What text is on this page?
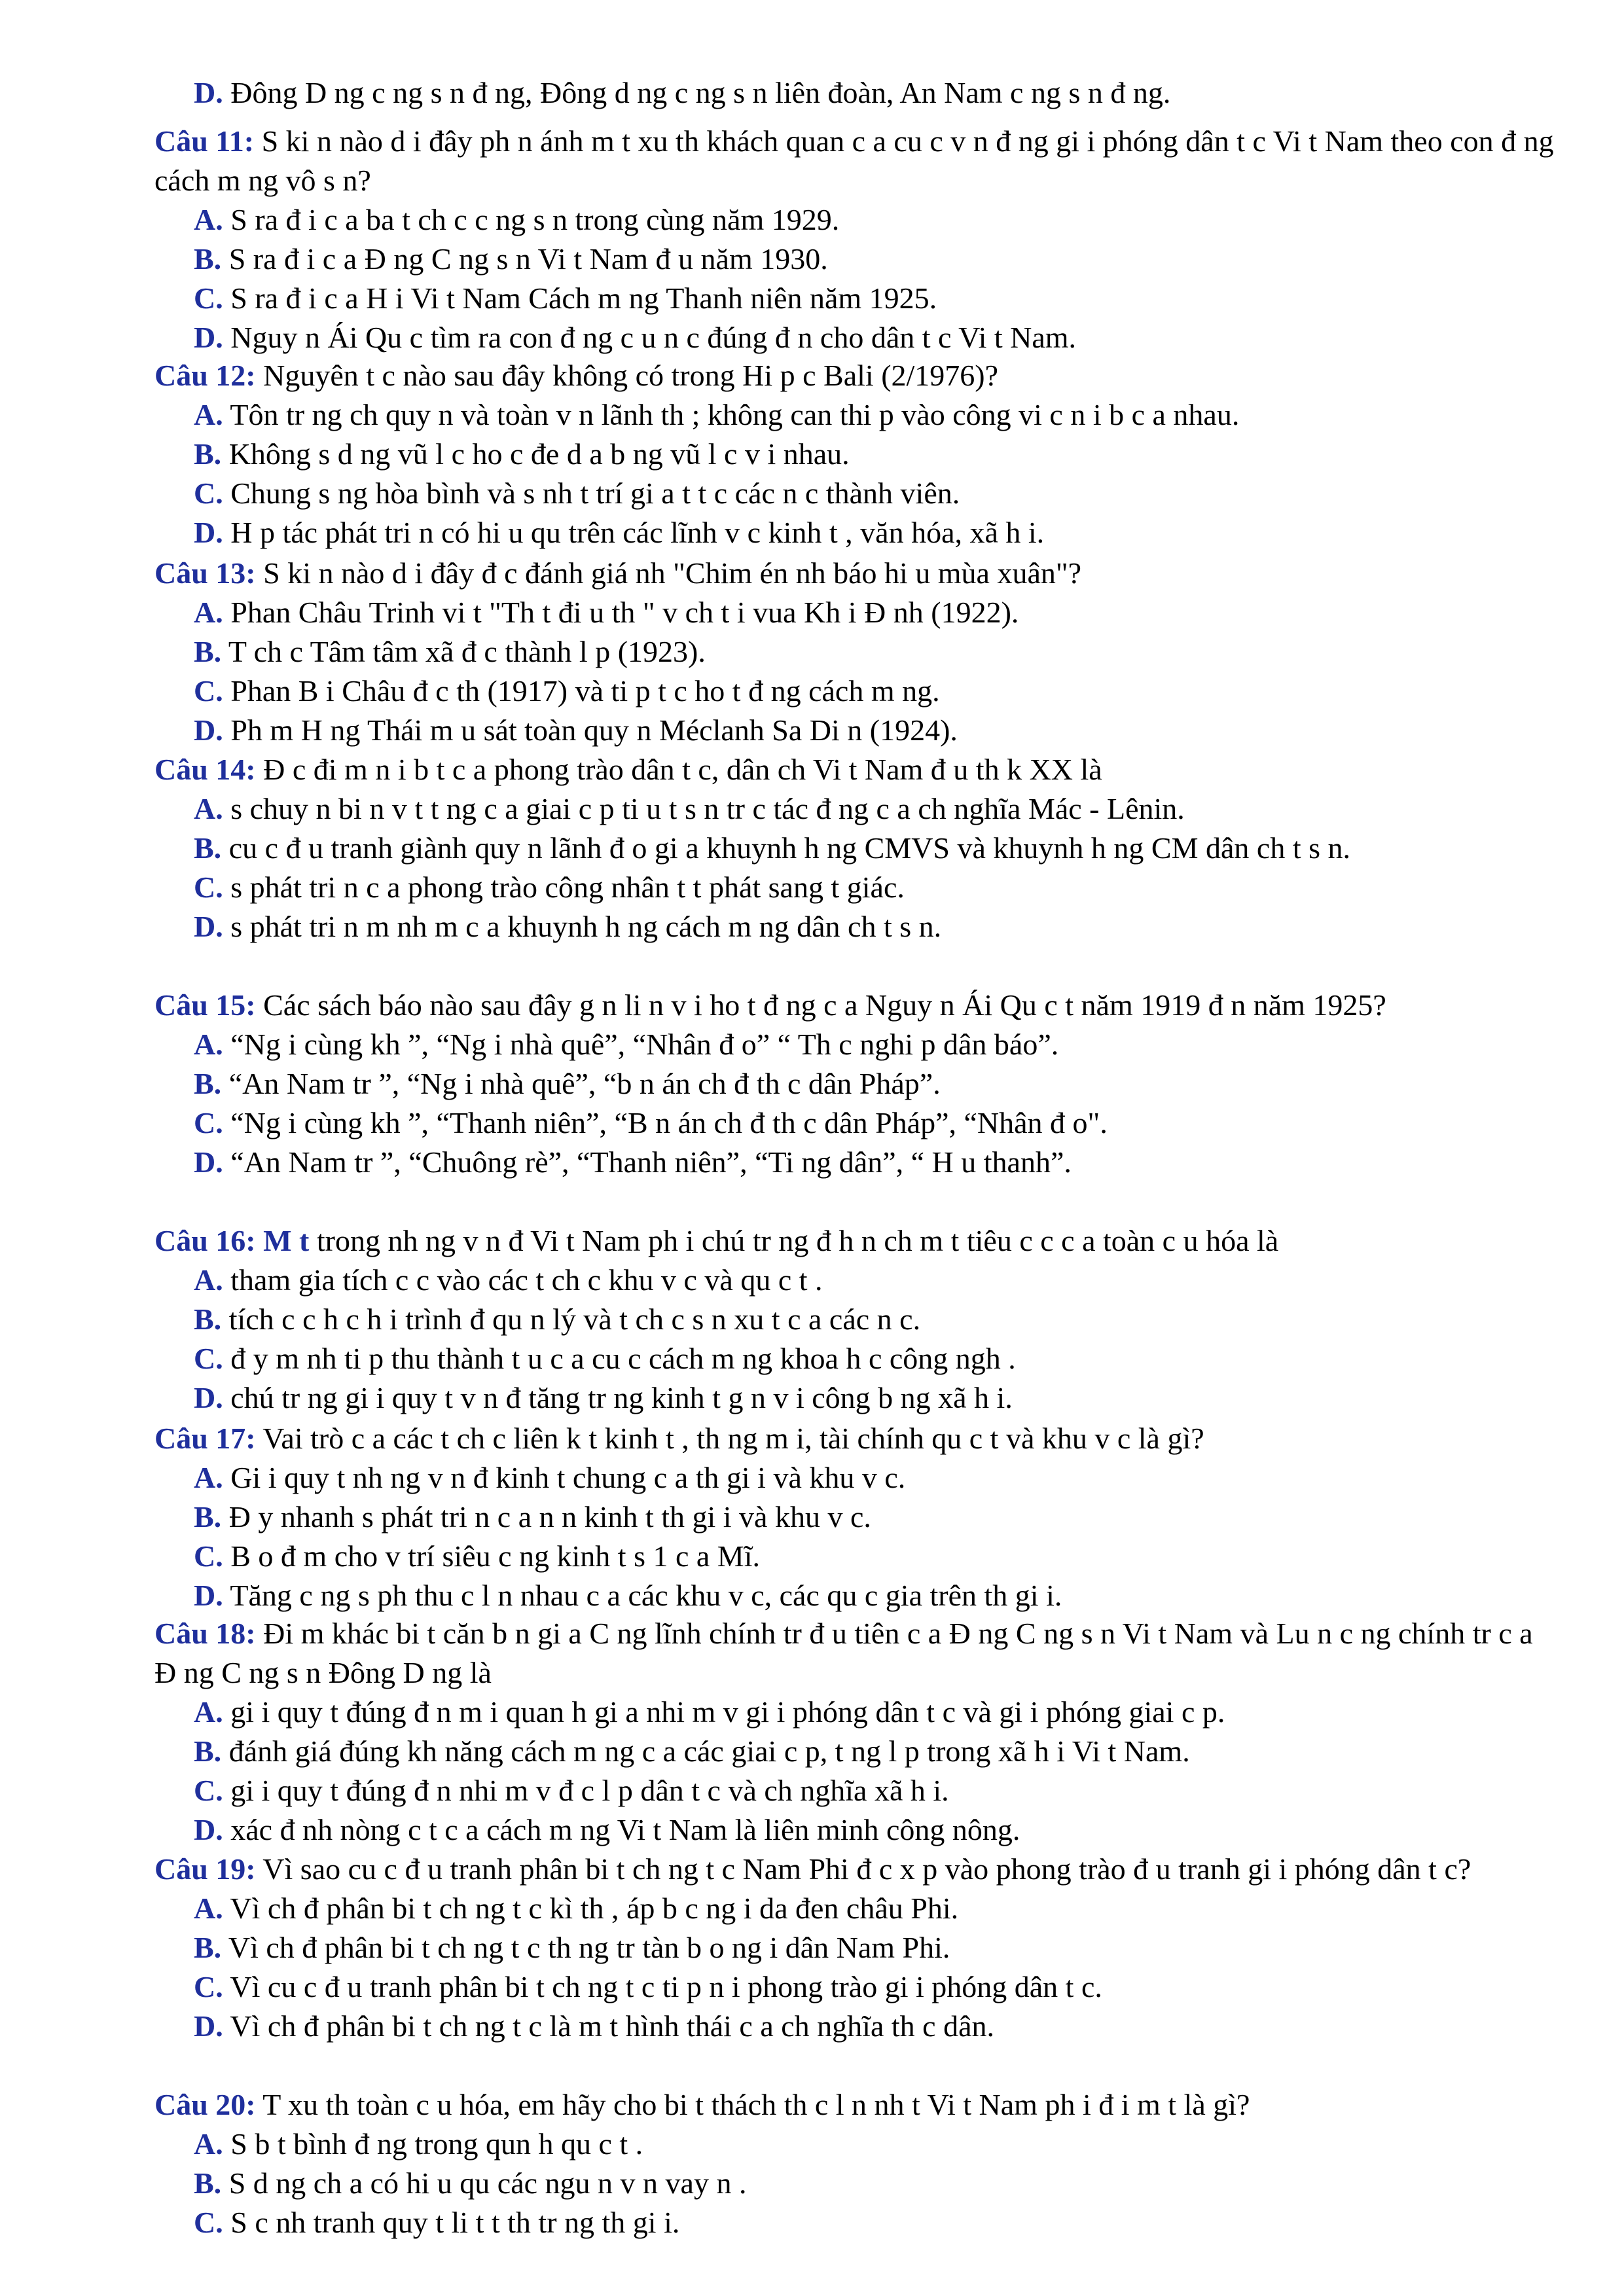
D. Đông D ng c ng s n đ ng, Đông d ng c ng s n liên đoàn, An Nam c ng s n đ ng.

Câu 11: S ki n nào d i đây ph n ánh m t xu th khách quan c a cu c v n đ ng gi i phóng dân t c Vi t Nam theo con đ ng cách m ng vô s n?

A. S ra đ i c a ba t ch c c ng s n trong cùng năm 1929.

B. S ra đ i c a Đ ng C ng s n Vi t Nam đ u năm 1930.

C. S ra đ i c a H i Vi t Nam Cách m ng Thanh niên năm 1925.

D. Nguy n Ái Qu c tìm ra con đ ng c u n c đúng đ n cho dân t c Vi t Nam.

Câu 12: Nguyên t c nào sau đây không có trong Hi p c Bali (2/1976)?

A. Tôn tr ng ch quy n và toàn v n lãnh th ; không can thi p vào công vi c n i b c a nhau.

B. Không s d ng vũ l c ho c đe d a b ng vũ l c v i nhau.

C. Chung s ng hòa bình và s nh t trí gi a t t c các n c thành viên.

D. H p tác phát tri n có hi u qu trên các lĩnh v c kinh t , văn hóa, xã h i.

Câu 13: S ki n nào d i đây đ c đánh giá nh "Chim én nh báo hi u mùa xuân"?

A. Phan Châu Trinh vi t "Th t đi u th " v ch t i vua Kh i Đ nh (1922).

B. T ch c Tâm tâm xã đ c thành l p (1923).

C. Phan B i Châu đ c th (1917) và ti p t c ho t đ ng cách m ng.

D. Ph m H ng Thái m u sát toàn quy n Méclanh Sa Di n (1924).

Câu 14: Đ c đi m n i b t c a phong trào dân t c, dân ch Vi t Nam đ u th k XX là

A. s chuy n bi n v t t ng c a giai c p ti u t s n tr c tác đ ng c a ch nghĩa Mác - Lênin.

B. cu c đ u tranh giành quy n lãnh đ o gi a khuynh h ng CMVS và khuynh h ng CM dân ch t s n.

C. s phát tri n c a phong trào công nhân t t phát sang t giác.

D. s phát tri n m nh m c a khuynh h ng cách m ng dân ch t s n.

Câu 15: Các sách báo nào sau đây g n li n v i ho t đ ng c a Nguy n Ái Qu c t năm 1919 đ n năm 1925?

A. “Ng i cùng kh ”, “Ng i nhà quê”, “Nhân đ o” “ Th c nghi p dân báo”.

B. “An Nam tr ”, “Ng i nhà quê”, “b n án ch đ th c dân Pháp”.

C. “Ng i cùng kh ”, “Thanh niên”, “B n án ch đ th c dân Pháp”, “Nhân đ o".

D. “An Nam tr ”, “Chuông rè”, “Thanh niên”, “Ti ng dân”, “ H u thanh”.

Câu 16: M t trong nh ng v n đ Vi t Nam ph i chú tr ng đ h n ch m t tiêu c c c a toàn c u hóa là

A. tham gia tích c c vào các t ch c khu v c và qu c t .

B. tích c c h c h i trình đ qu n lý và t ch c s n xu t c a các n c.

C. đ y m nh ti p thu thành t u c a cu c cách m ng khoa h c công ngh .

D. chú tr ng gi i quy t v n đ tăng tr ng kinh t g n v i công b ng xã h i.

Câu 17: Vai trò c a các t ch c liên k t kinh t , th ng m i, tài chính qu c t và khu v c là gì?

A. Gi i quy t nh ng v n đ kinh t chung c a th gi i và khu v c.

B. Đ y nhanh s phát tri n c a n n kinh t th gi i và khu v c.

C. B o đ m cho v trí siêu c ng kinh t s 1 c a Mĩ.

D. Tăng c ng s ph thu c l n nhau c a các khu v c, các qu c gia trên th gi i.

Câu 18: Đi m khác bi t căn b n gi a C ng lĩnh chính tr đ u tiên c a Đ ng C ng s n Vi t Nam và Lu n c ng chính tr c a Đ ng C ng s n Đông D ng là

A. gi i quy t đúng đ n m i quan h gi a nhi m v gi i phóng dân t c và gi i phóng giai c p.

B. đánh giá đúng kh năng cách m ng c a các giai c p, t ng l p trong xã h i Vi t Nam.

C. gi i quy t đúng đ n nhi m v đ c l p dân t c và ch nghĩa xã h i.

D. xác đ nh nòng c t c a cách m ng Vi t Nam là liên minh công nông.

Câu 19: Vì sao cu c đ u tranh phân bi t ch ng t c Nam Phi đ c x p vào phong trào đ u tranh gi i phóng dân t c?

A. Vì ch đ phân bi t ch ng t c kì th , áp b c ng i da đen châu Phi.

B. Vì ch đ phân bi t ch ng t c th ng tr tàn b o ng i dân Nam Phi.

C. Vì cu c đ u tranh phân bi t ch ng t c ti p n i phong trào gi i phóng dân t c.

D. Vì ch đ phân bi t ch ng t c là m t hình thái c a ch nghĩa th c dân.

Câu 20: T xu th toàn c u hóa, em hãy cho bi t thách th c l n nh t Vi t Nam ph i đ i m t là gì?

A. S b t bình đ ng trong qun h qu c t .

B. S d ng ch a có hi u qu các ngu n v n vay n .

C. S c nh tranh quy t li t t th tr ng th gi i.
